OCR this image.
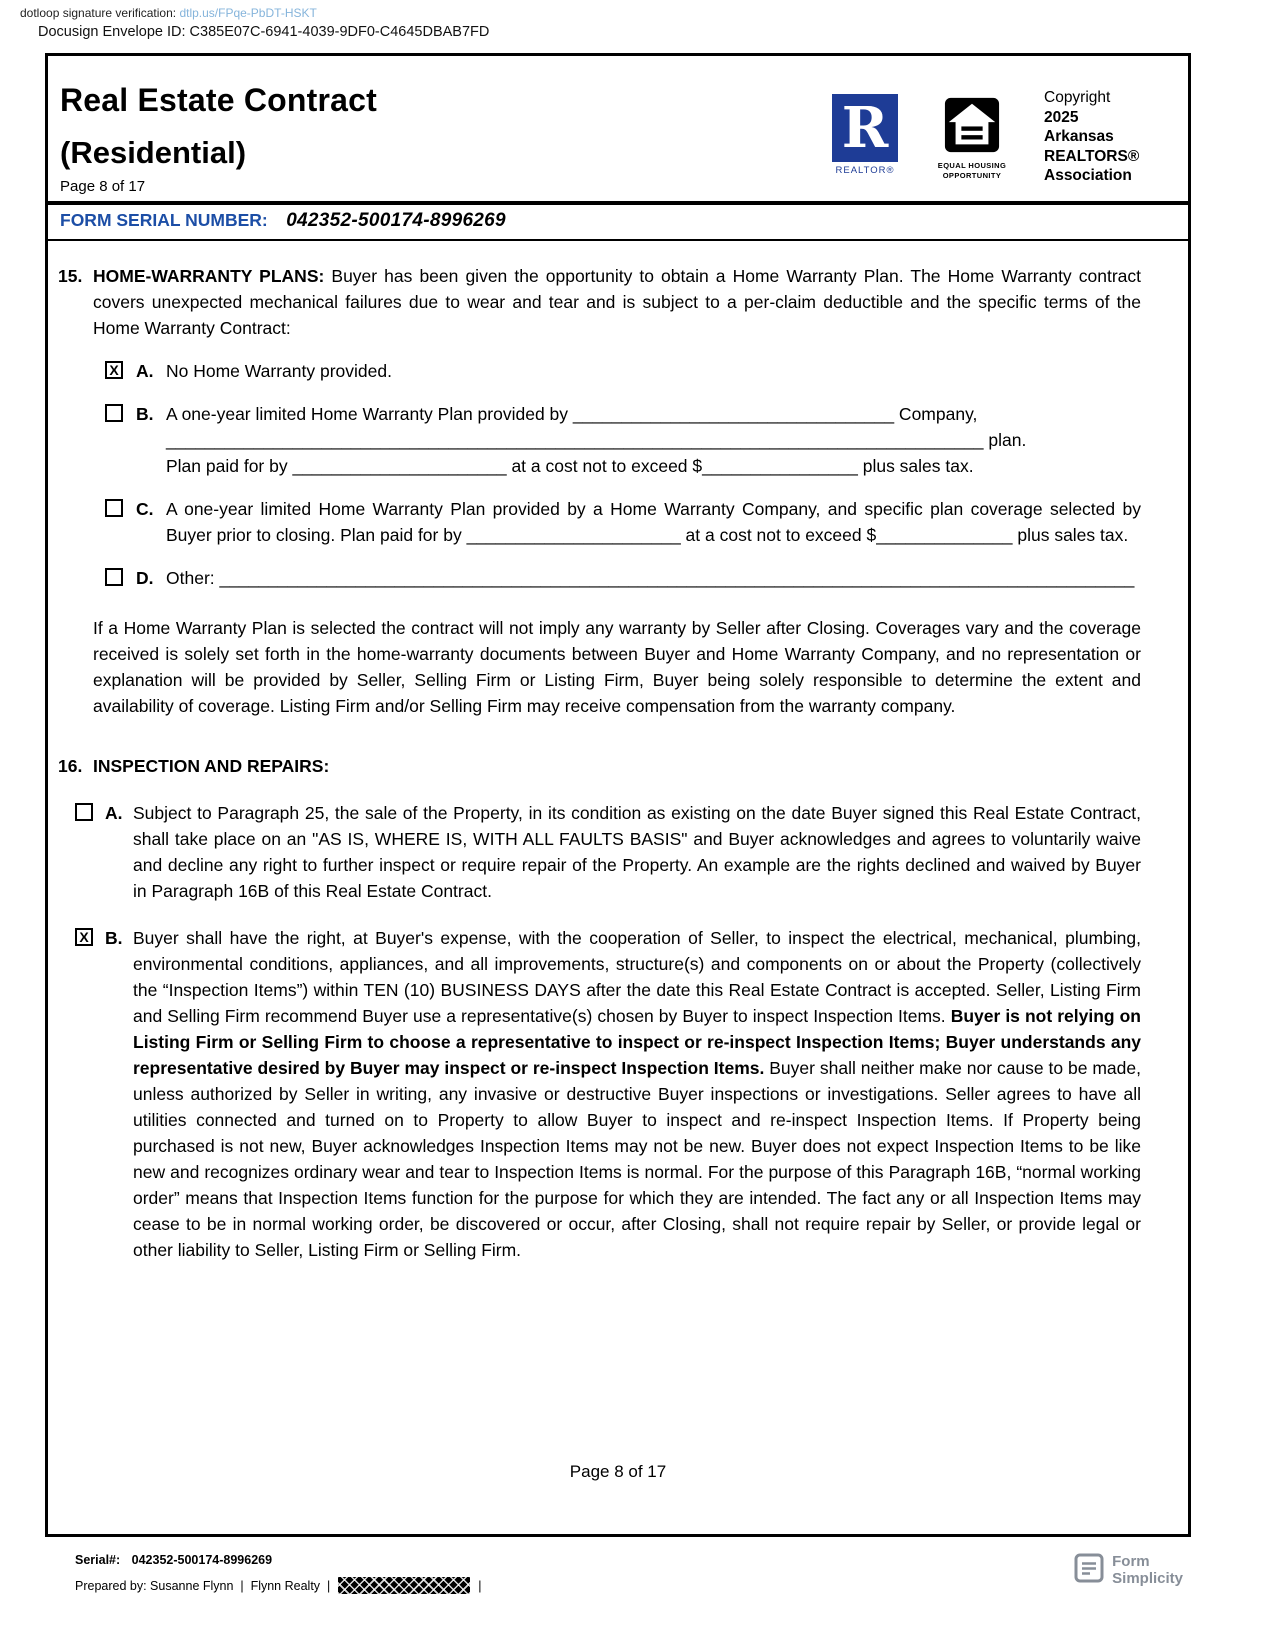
dotloop signature verification: dtlp.us/FPqe-PbDT-HSKT
Docusign Envelope ID: C385E07C-6941-4039-9DF0-C4645DBAB7FD
Real Estate Contract
(Residential)
Page 8 of 17
R
REALTOR®	EQUAL HOUSING
OPPORTUNITY
Copyright
2025
Arkansas
REALTORS®
Association
FORM SERIAL NUMBER: 042352-500174-8996269
15. HOME-WARRANTY PLANS: Buyer has been given the opportunity to obtain a Home Warranty Plan. The Home Warranty contract covers unexpected mechanical failures due to wear and tear and is subject to a per-claim deductible and the specific terms of the Home Warranty Contract:
X A. No Home Warranty provided.
B. A one-year limited Home Warranty Plan provided by _________________________________ Company,
____________________________________________________________________________________ plan.
Plan paid for by ______________________ at a cost not to exceed $________________ plus sales tax.
C. A one-year limited Home Warranty Plan provided by a Home Warranty Company, and specific plan coverage selected by Buyer prior to closing. Plan paid for by ______________________ at a cost not to exceed $______________ plus sales tax.
D. Other: ______________________________________________________________________________________________
If a Home Warranty Plan is selected the contract will not imply any warranty by Seller after Closing. Coverages vary and the coverage received is solely set forth in the home-warranty documents between Buyer and Home Warranty Company, and no representation or explanation will be provided by Seller, Selling Firm or Listing Firm, Buyer being solely responsible to determine the extent and availability of coverage. Listing Firm and/or Selling Firm may receive compensation from the warranty company.
16. INSPECTION AND REPAIRS:
A. Subject to Paragraph 25, the sale of the Property, in its condition as existing on the date Buyer signed this Real Estate Contract, shall take place on an "AS IS, WHERE IS, WITH ALL FAULTS BASIS" and Buyer acknowledges and agrees to voluntarily waive and decline any right to further inspect or require repair of the Property. An example are the rights declined and waived by Buyer in Paragraph 16B of this Real Estate Contract.
X B. Buyer shall have the right, at Buyer's expense, with the cooperation of Seller, to inspect the electrical, mechanical, plumbing, environmental conditions, appliances, and all improvements, structure(s) and components on or about the Property (collectively the “Inspection Items”) within TEN (10) BUSINESS DAYS after the date this Real Estate Contract is accepted. Seller, Listing Firm and Selling Firm recommend Buyer use a representative(s) chosen by Buyer to inspect Inspection Items. Buyer is not relying on Listing Firm or Selling Firm to choose a representative to inspect or re-inspect Inspection Items; Buyer understands any representative desired by Buyer may inspect or re-inspect Inspection Items. Buyer shall neither make nor cause to be made, unless authorized by Seller in writing, any invasive or destructive Buyer inspections or investigations. Seller agrees to have all utilities connected and turned on to Property to allow Buyer to inspect and re-inspect Inspection Items. If Property being purchased is not new, Buyer acknowledges Inspection Items may not be new. Buyer does not expect Inspection Items to be like new and recognizes ordinary wear and tear to Inspection Items is normal. For the purpose of this Paragraph 16B, “normal working order” means that Inspection Items function for the purpose for which they are intended. The fact any or all Inspection Items may cease to be in normal working order, be discovered or occur, after Closing, shall not require repair by Seller, or provide legal or other liability to Seller, Listing Firm or Selling Firm.
Page 8 of 17
Serial#: 042352-500174-8996269
Prepared by: Susanne Flynn  |  Flynn Realty  |	|
Form
Simplicity
